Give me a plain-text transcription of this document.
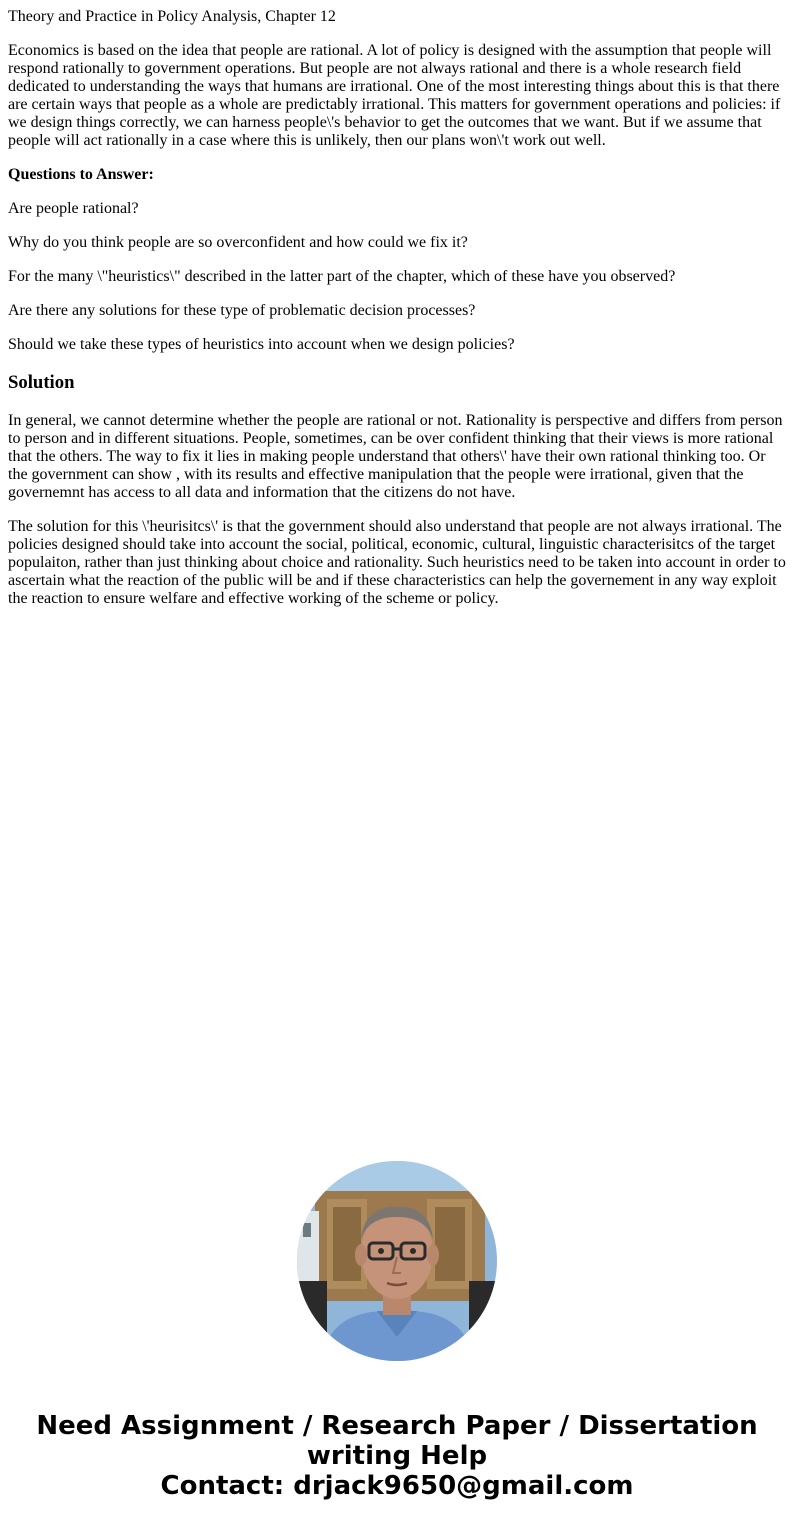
Theory and Practice in Policy Analysis, Chapter 12

Economics is based on the idea that people are rational. A lot of policy is designed with the assumption that people will respond rationally to government operations. But people are not always rational and there is a whole research field dedicated to understanding the ways that humans are irrational. One of the most interesting things about this is that there are certain ways that people as a whole are predictably irrational. This matters for government operations and policies: if we design things correctly, we can harness people\'s behavior to get the outcomes that we want. But if we assume that people will act rationally in a case where this is unlikely, then our plans won\'t work out well.

Questions to Answer:

Are people rational?

Why do you think people are so overconfident and how could we fix it?

For the many \"heuristics\" described in the latter part of the chapter, which of these have you observed?

Are there any solutions for these type of problematic decision processes?

Should we take these types of heuristics into account when we design policies?

Solution

In general, we cannot determine whether the people are rational or not. Rationality is perspective and differs from person to person and in different situations. People, sometimes, can be over confident thinking that their views is more rational that the others. The way to fix it lies in making people understand that others\' have their own rational thinking too. Or the government can show , with its results and effective manipulation that the people were irrational, given that the governemnt has access to all data and information that the citizens do not have.

The solution for this \'heurisitcs\' is that the government should also understand that people are not always irrational. The policies designed should take into account the social, political, economic, cultural, linguistic characterisitcs of the target populaiton, rather than just thinking about choice and rationality. Such heuristics need to be taken into account in order to ascertain what the reaction of the public will be and if these characteristics can help the governement in any way exploit the reaction to ensure welfare and effective working of the scheme or policy.

Need Assignment / Research Paper / Dissertation
writing Help
Contact: drjack9650@gmail.com
